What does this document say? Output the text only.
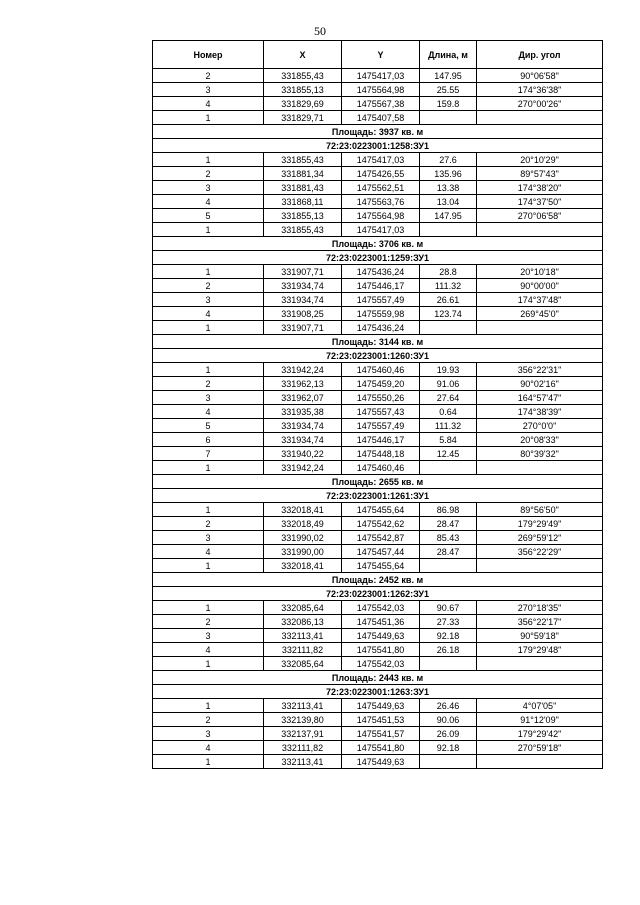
50
Номер	X	Y	Длина, м	Дир. угол
2	331855,43	1475417,03	147.95	90°06'58"
3	331855,13	1475564,98	25.55	174°36'38"
4	331829,69	1475567,38	159.8	270°00'26"
1	331829,71	1475407,58		
Площадь: 3937 кв. м				
72:23:0223001:1258:ЗУ1				
1	331855,43	1475417,03	27.6	20°10'29"
2	331881,34	1475426,55	135.96	89°57'43"
3	331881,43	1475562,51	13.38	174°38'20"
4	331868,11	1475563,76	13.04	174°37'50"
5	331855,13	1475564,98	147.95	270°06'58"
1	331855,43	1475417,03		
Площадь: 3706 кв. м				
72:23:0223001:1259:ЗУ1				
1	331907,71	1475436,24	28.8	20°10'18"
2	331934,74	1475446,17	111.32	90°00'00"
3	331934,74	1475557,49	26.61	174°37'48"
4	331908,25	1475559,98	123.74	269°45'0"
1	331907,71	1475436,24		
Площадь: 3144 кв. м				
72:23:0223001:1260:ЗУ1				
1	331942,24	1475460,46	19.93	356°22'31"
2	331962,13	1475459,20	91.06	90°02'16"
3	331962,07	1475550,26	27.64	164°57'47"
4	331935,38	1475557,43	0.64	174°38'39"
5	331934,74	1475557,49	111.32	270°0'0"
6	331934,74	1475446,17	5.84	20°08'33"
7	331940,22	1475448,18	12.45	80°39'32"
1	331942,24	1475460,46		
Площадь: 2655 кв. м				
72:23:0223001:1261:ЗУ1				
1	332018,41	1475455,64	86.98	89°56'50"
2	332018,49	1475542,62	28.47	179°29'49"
3	331990,02	1475542,87	85.43	269°59'12"
4	331990,00	1475457,44	28.47	356°22'29"
1	332018,41	1475455,64		
Площадь: 2452 кв. м				
72:23:0223001:1262:ЗУ1				
1	332085,64	1475542,03	90.67	270°18'35"
2	332086,13	1475451,36	27.33	356°22'17"
3	332113,41	1475449,63	92.18	90°59'18"
4	332111,82	1475541,80	26.18	179°29'48"
1	332085,64	1475542,03		
Площадь: 2443 кв. м				
72:23:0223001:1263:ЗУ1				
1	332113,41	1475449,63	26.46	4°07'05"
2	332139,80	1475451,53	90.06	91°12'09"
3	332137,91	1475541,57	26.09	179°29'42"
4	332111,82	1475541,80	92.18	270°59'18"
1	332113,41	1475449,63		
